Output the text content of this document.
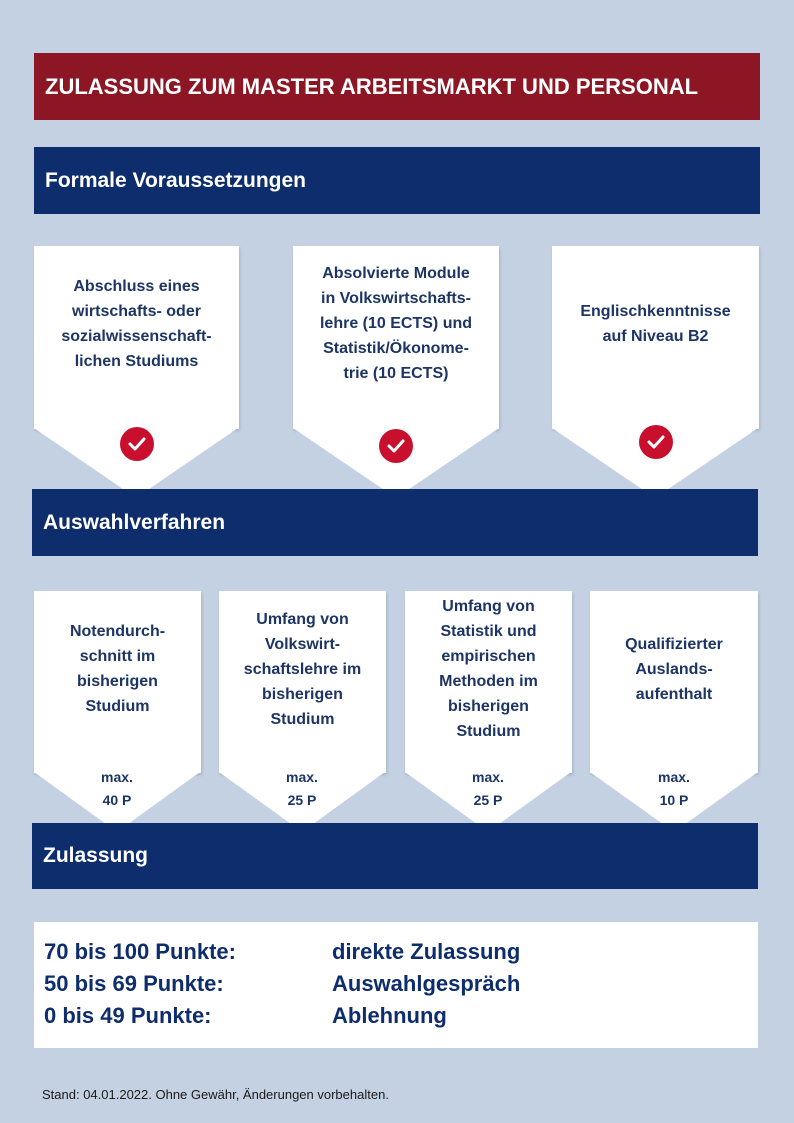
ZULASSUNG ZUM MASTER ARBEITSMARKT UND PERSONAL
Formale Voraussetzungen
Abschluss eines
wirtschafts- oder
sozialwissenschaft-
lichen Studiums
Absolvierte Module
in Volkswirtschafts-
lehre (10 ECTS) und
Statistik/Ökonome-
trie (10 ECTS)
Englischkenntnisse
auf Niveau B2
Auswahlverfahren
Notendurch-
schnitt im
bisherigen
Studium
max.
40 P
Umfang von
Volkswirt-
schaftslehre im
bisherigen
Studium
max.
25 P
Umfang von
Statistik und
empirischen
Methoden im
bisherigen
Studium
max.
25 P
Qualifizierter
Auslands-
aufenthalt
max.
10 P
Zulassung
70 bis 100 Punkte:	direkte Zulassung
50 bis 69 Punkte:	Auswahlgespräch
0 bis 49 Punkte:	Ablehnung
Stand: 04.01.2022. Ohne Gewähr, Änderungen vorbehalten.
